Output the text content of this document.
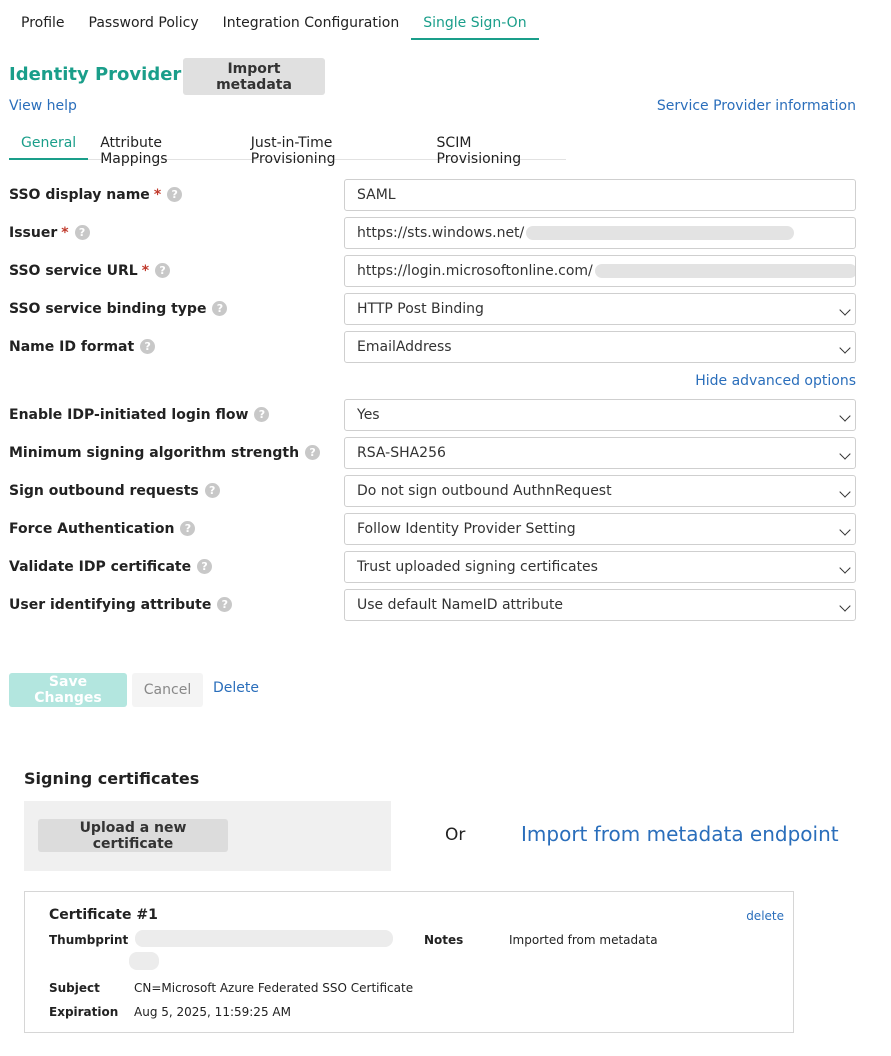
Profile	Password Policy	Integration Configuration	Single Sign-On
Identity Provider	Import metadata
View help	Service Provider information
General	Attribute Mappings
Just-in-Time Provisioning
SCIM Provisioning
SSO display name * ?	SAML
Issuer * ?	https://sts.windows.net/
SSO service URL * ?	https://login.microsoftonline.com/
SSO service binding type ?	HTTP Post Binding
Name ID format ?	EmailAddress
Hide advanced options
Enable IDP-initiated login flow ?	Yes
Minimum signing algorithm strength ?	RSA-SHA256
Sign outbound requests ?	Do not sign outbound AuthnRequest
Force Authentication ?	Follow Identity Provider Setting
Validate IDP certificate ?	Trust uploaded signing certificates
User identifying attribute ?	Use default NameID attribute
Save Changes	Cancel	Delete
Signing certificates
Upload a new certificate	Or	Import from metadata endpoint
Certificate #1	delete
Thumbprint	Notes	Imported from metadata
Subject	CN=Microsoft Azure Federated SSO Certificate
Expiration Aug 5, 2025, 11:59:25 AM
